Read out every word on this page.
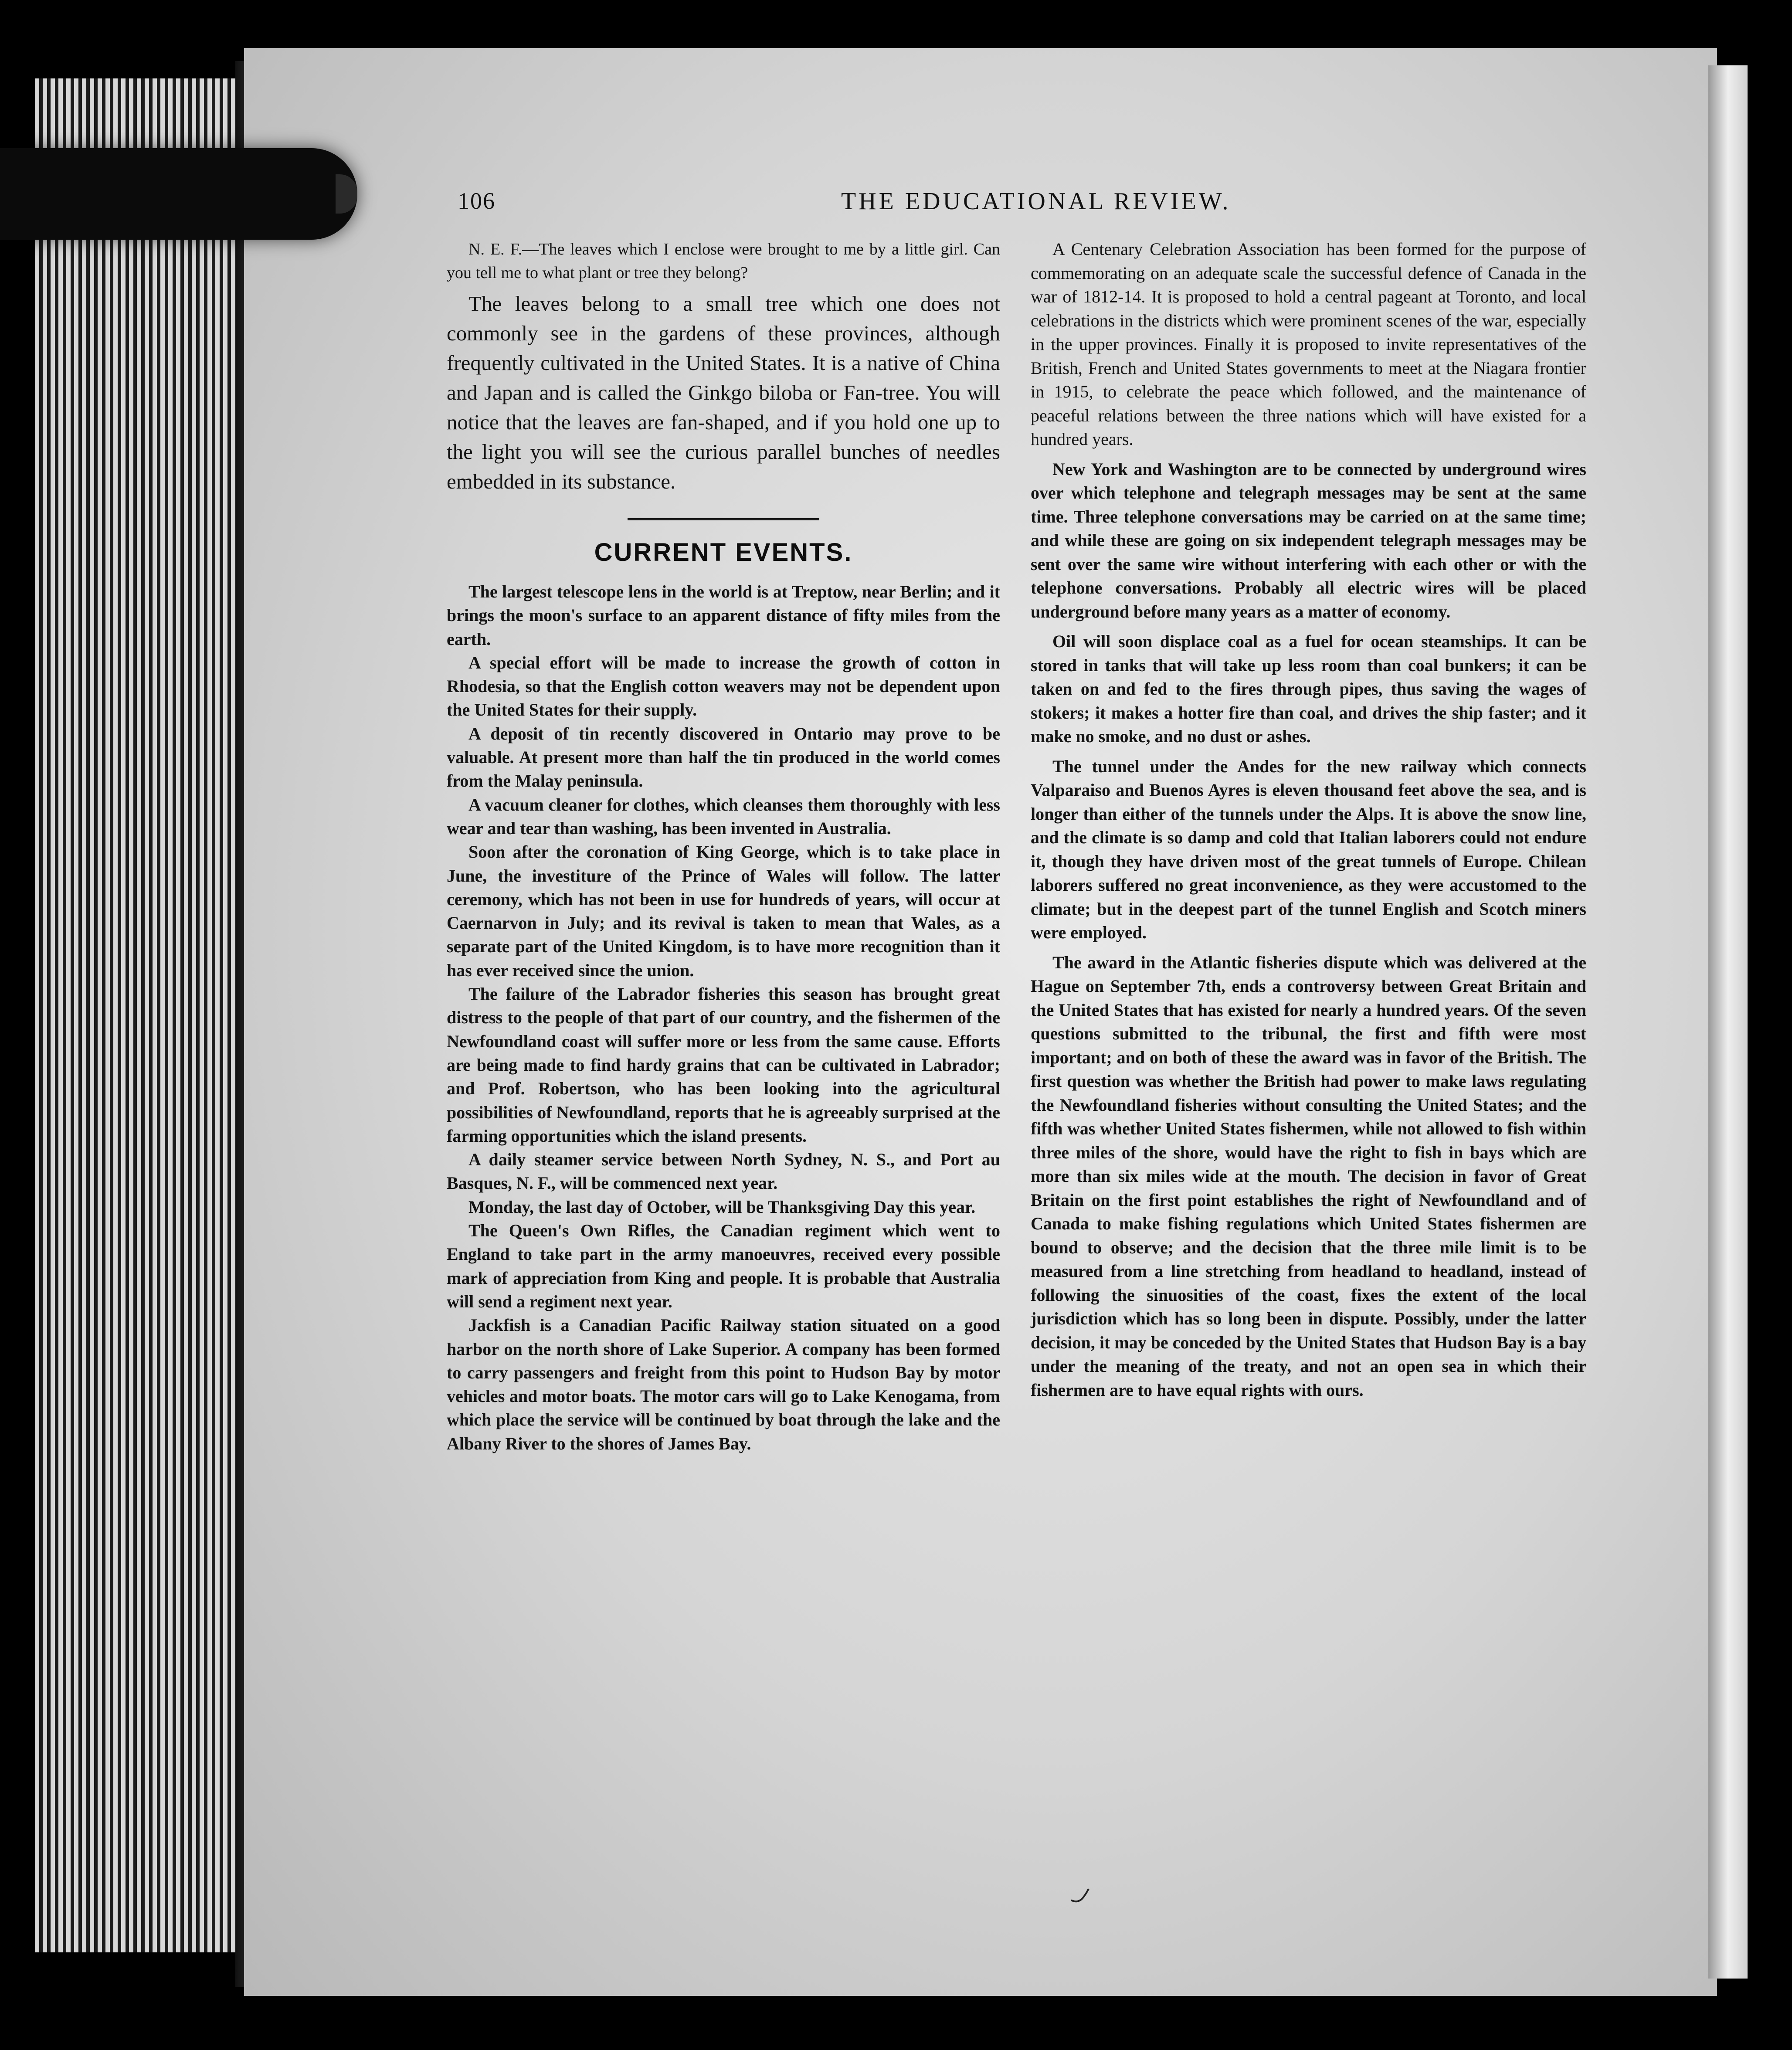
106	THE EDUCATIONAL REVIEW.

N. E. F.—The leaves which I enclose were brought to me by a little girl. Can you tell me to what plant or tree they belong?

The leaves belong to a small tree which one does not commonly see in the gardens of these provinces, although frequently cultivated in the United States. It is a native of China and Japan and is called the Ginkgo biloba or Fan-tree. You will notice that the leaves are fan-shaped, and if you hold one up to the light you will see the curious parallel bunches of needles embedded in its substance.

CURRENT EVENTS.

The largest telescope lens in the world is at Treptow, near Berlin; and it brings the moon's surface to an apparent distance of fifty miles from the earth.

A special effort will be made to increase the growth of cotton in Rhodesia, so that the English cotton weavers may not be dependent upon the United States for their supply.

A deposit of tin recently discovered in Ontario may prove to be valuable. At present more than half the tin produced in the world comes from the Malay peninsula.

A vacuum cleaner for clothes, which cleanses them thoroughly with less wear and tear than washing, has been invented in Australia.

Soon after the coronation of King George, which is to take place in June, the investiture of the Prince of Wales will follow. The latter ceremony, which has not been in use for hundreds of years, will occur at Caernarvon in July; and its revival is taken to mean that Wales, as a separate part of the United Kingdom, is to have more recognition than it has ever received since the union.

The failure of the Labrador fisheries this season has brought great distress to the people of that part of our country, and the fishermen of the Newfoundland coast will suffer more or less from the same cause. Efforts are being made to find hardy grains that can be cultivated in Labrador; and Prof. Robertson, who has been looking into the agricultural possibilities of Newfoundland, reports that he is agreeably surprised at the farming opportunities which the island presents.

A daily steamer service between North Sydney, N. S., and Port au Basques, N. F., will be commenced next year.

Monday, the last day of October, will be Thanksgiving Day this year.

The Queen's Own Rifles, the Canadian regiment which went to England to take part in the army manoeuvres, received every possible mark of appreciation from King and people. It is probable that Australia will send a regiment next year.

Jackfish is a Canadian Pacific Railway station situated on a good harbor on the north shore of Lake Superior. A company has been formed to carry passengers and freight from this point to Hudson Bay by motor vehicles and motor boats. The motor cars will go to Lake Kenogama, from which place the service will be continued by boat through the lake and the Albany River to the shores of James Bay.

A Centenary Celebration Association has been formed for the purpose of commemorating on an adequate scale the successful defence of Canada in the war of 1812-14. It is proposed to hold a central pageant at Toronto, and local celebrations in the districts which were prominent scenes of the war, especially in the upper provinces. Finally it is proposed to invite representatives of the British, French and United States governments to meet at the Niagara frontier in 1915, to celebrate the peace which followed, and the maintenance of peaceful relations between the three nations which will have existed for a hundred years.

New York and Washington are to be connected by underground wires over which telephone and telegraph messages may be sent at the same time. Three telephone conversations may be carried on at the same time; and while these are going on six independent telegraph messages may be sent over the same wire without interfering with each other or with the telephone conversations. Probably all electric wires will be placed underground before many years as a matter of economy.

Oil will soon displace coal as a fuel for ocean steamships. It can be stored in tanks that will take up less room than coal bunkers; it can be taken on and fed to the fires through pipes, thus saving the wages of stokers; it makes a hotter fire than coal, and drives the ship faster; and it make no smoke, and no dust or ashes.

The tunnel under the Andes for the new railway which connects Valparaiso and Buenos Ayres is eleven thousand feet above the sea, and is longer than either of the tunnels under the Alps. It is above the snow line, and the climate is so damp and cold that Italian laborers could not endure it, though they have driven most of the great tunnels of Europe. Chilean laborers suffered no great inconvenience, as they were accustomed to the climate; but in the deepest part of the tunnel English and Scotch miners were employed.

The award in the Atlantic fisheries dispute which was delivered at the Hague on September 7th, ends a controversy between Great Britain and the United States that has existed for nearly a hundred years. Of the seven questions submitted to the tribunal, the first and fifth were most important; and on both of these the award was in favor of the British. The first question was whether the British had power to make laws regulating the Newfoundland fisheries without consulting the United States; and the fifth was whether United States fishermen, while not allowed to fish within three miles of the shore, would have the right to fish in bays which are more than six miles wide at the mouth. The decision in favor of Great Britain on the first point establishes the right of Newfoundland and of Canada to make fishing regulations which United States fishermen are bound to observe; and the decision that the three mile limit is to be measured from a line stretching from headland to headland, instead of following the sinuosities of the coast, fixes the extent of the local jurisdiction which has so long been in dispute. Possibly, under the latter decision, it may be conceded by the United States that Hudson Bay is a bay under the meaning of the treaty, and not an open sea in which their fishermen are to have equal rights with ours.
